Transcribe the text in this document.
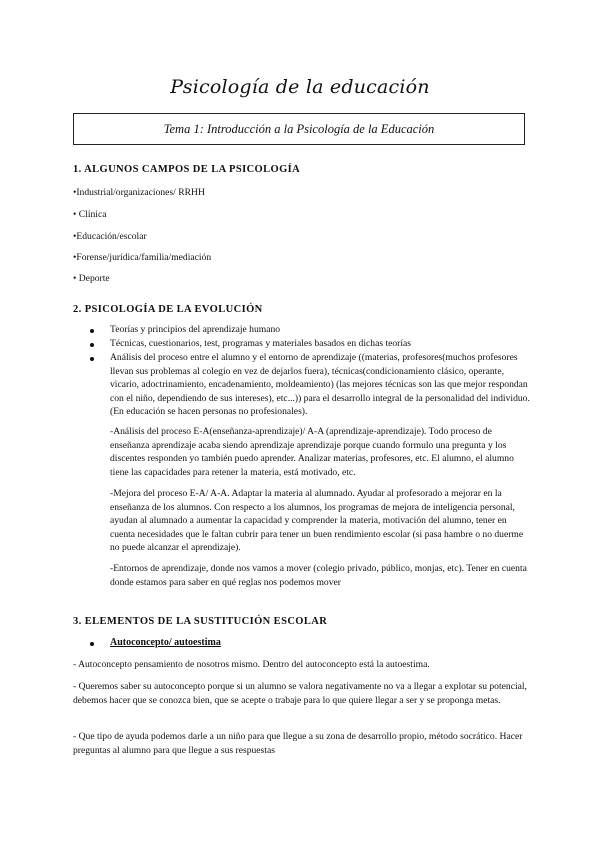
Psicología de la educación
Tema 1: Introducción a la Psicología de la Educación
1. ALGUNOS CAMPOS DE LA PSICOLOGÍA
•Industrial/organizaciones/ RRHH
• Clínica
•Educación/escolar
•Forense/jurídica/familia/mediación
• Deporte
2. PSICOLOGÍA DE LA EVOLUCIÓN
Teorías y principios del aprendizaje humano
Técnicas, cuestionarios, test, programas y materiales basados en dichas teorías
Análisis del proceso entre el alumno y el entorno de aprendizaje ((materias, profesores(muchos profesores llevan sus problemas al colegio en vez de dejarlos fuera), técnicas(condicionamiento clásico, operante, vicario, adoctrinamiento, encadenamiento, moldeamiento) (las mejores técnicas son las que mejor respondan con el niño, dependiendo de sus intereses), etc...)) para el desarrollo integral de la personalidad del individuo. (En educación se hacen personas no profesionales).
-Análisis del proceso E-A(enseñanza-aprendizaje)/ A-A (aprendizaje-aprendizaje). Todo proceso de enseñanza aprendizaje acaba siendo aprendizaje aprendizaje porque cuando formulo una pregunta y los discentes responden yo también puedo aprender. Analizar materias, profesores, etc. El alumno, el alumno tiene las capacidades para retener la materia, está motivado, etc.
-Mejora del proceso E-A/ A-A. Adaptar la materia al alumnado. Ayudar al profesorado a mejorar en la enseñanza de los alumnos. Con respecto a los alumnos, los programas de mejora de inteligencia personal, ayudan al alumnado a aumentar la capacidad y comprender la materia, motivación del alumno, tener en cuenta necesidades que le faltan cubrir para tener un buen rendimiento escolar (si pasa hambre o no duerme no puede alcanzar el aprendizaje).
-Entornos de aprendizaje, donde nos vamos a mover (colegio privado, público, monjas, etc). Tener en cuenta donde estamos para saber en qué reglas nos podemos mover
3. ELEMENTOS DE LA SUSTITUCIÓN ESCOLAR
Autoconcepto/ autoestima
- Autoconcepto pensamiento de nosotros mismo. Dentro del autoconcepto está la autoestima.
- Queremos saber su autoconcepto porque si un alumno se valora negativamente no va a llegar a explotar su potencial, debemos hacer que se conozca bien, que se acepte o trabaje para lo que quiere llegar a ser y se proponga metas.
- Que tipo de ayuda podemos darle a un niño para que llegue a su zona de desarrollo propio, método socrático. Hacer preguntas al alumno para que llegue a sus respuestas
